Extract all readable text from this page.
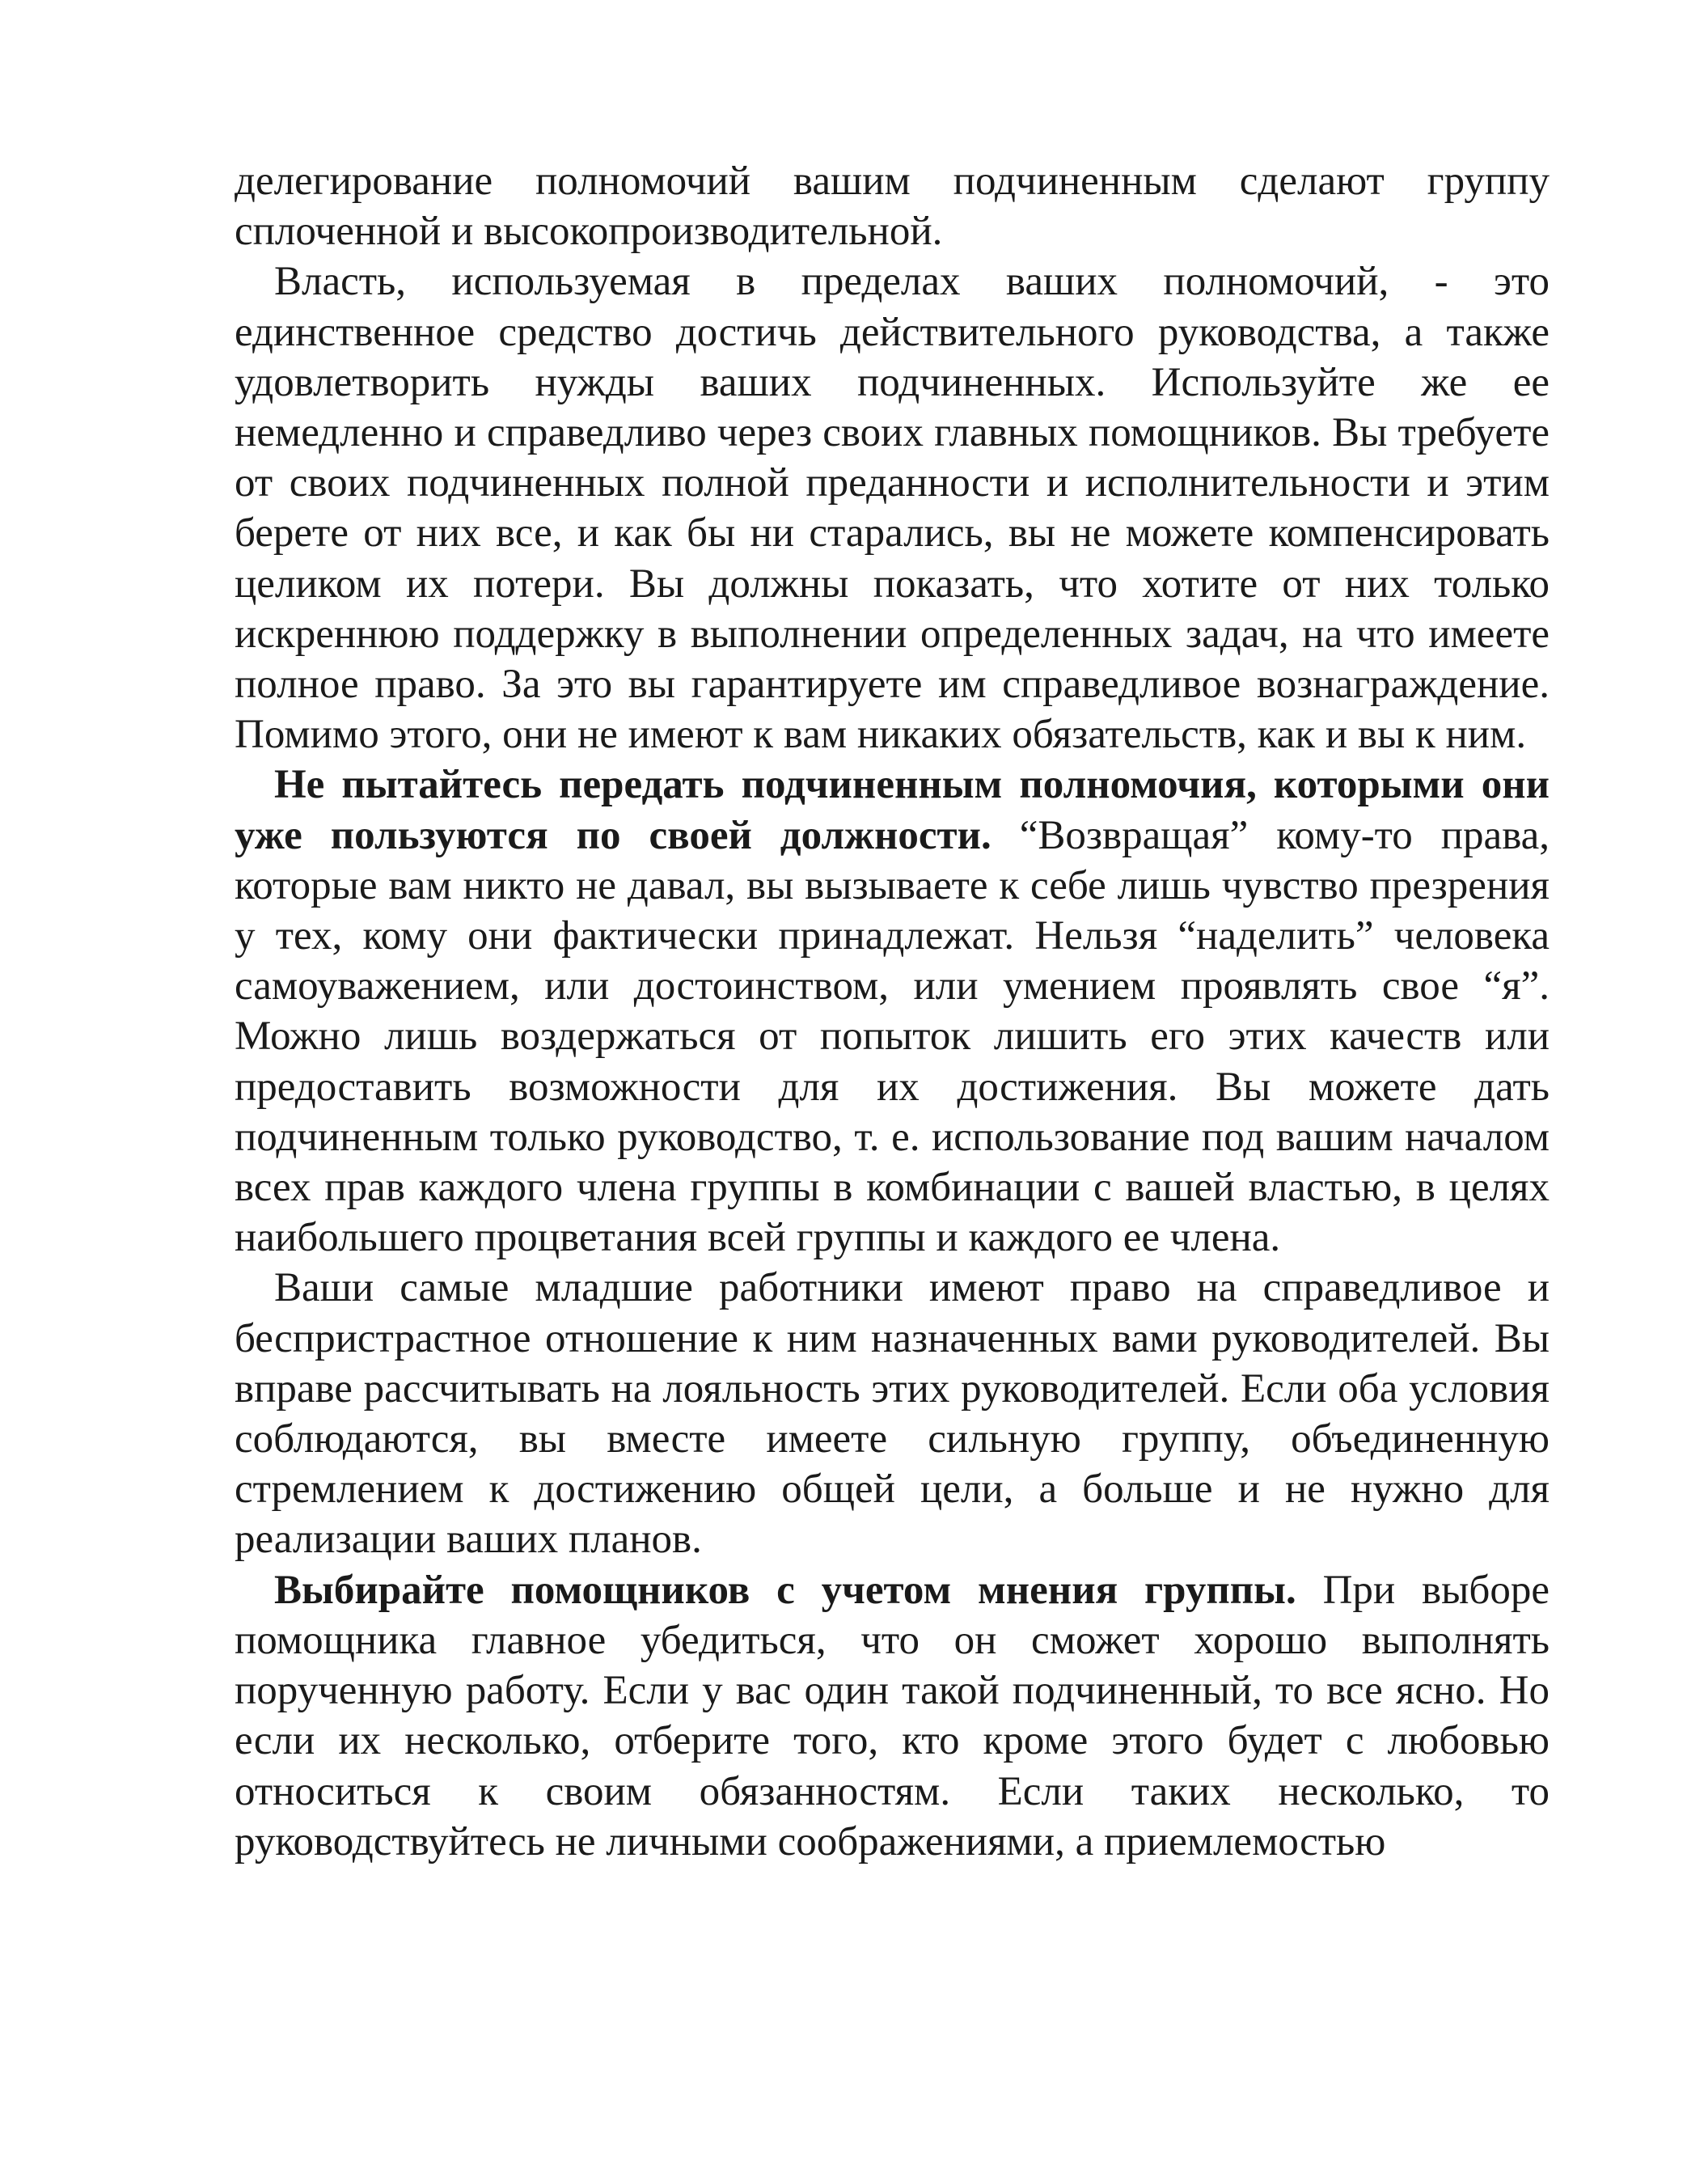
делегирование полномочий вашим подчиненным сделают группу сплоченной и высокопроизводительной.

Власть, используемая в пределах ваших полномочий, - это единственное средство достичь действительного руководства, а также удовлетворить нужды ваших подчиненных. Используйте же ее немедленно и справедливо через своих главных помощников. Вы требуете от своих подчиненных полной преданности и исполнительности и этим берете от них все, и как бы ни старались, вы не можете компенсировать целиком их потери. Вы должны показать, что хотите от них только искреннюю поддержку в выполнении определенных задач, на что имеете полное право. За это вы гарантируете им справедливое вознаграждение. Помимо этого, они не имеют к вам никаких обязательств, как и вы к ним.

Не пытайтесь передать подчиненным полномочия, которыми они уже пользуются по своей должности. “Возвращая” кому-то права, которые вам никто не давал, вы вызываете к себе лишь чувство презрения у тех, кому они фактически принадлежат. Нельзя “наделить” человека самоуважением, или достоинством, или умением проявлять свое “я”. Можно лишь воздержаться от попыток лишить его этих качеств или предоставить возможности для их достижения. Вы можете дать подчиненным только руководство, т. е. использование под вашим началом всех прав каждого члена группы в комбинации с вашей властью, в целях наибольшего процветания всей группы и каждого ее члена.

Ваши самые младшие работники имеют право на справедливое и беспристрастное отношение к ним назначенных вами руководителей. Вы вправе рассчитывать на лояльность этих руководителей. Если оба условия соблюдаются, вы вместе имеете сильную группу, объединенную стремлением к достижению общей цели, а больше и не нужно для реализации ваших планов.

Выбирайте помощников с учетом мнения группы. При выборе помощника главное убедиться, что он сможет хорошо выполнять порученную работу. Если у вас один такой подчиненный, то все ясно. Но если их несколько, отберите того, кто кроме этого будет с любовью относиться к своим обязанностям. Если таких несколько, то руководствуйтесь не личными соображениями, а приемлемостью
